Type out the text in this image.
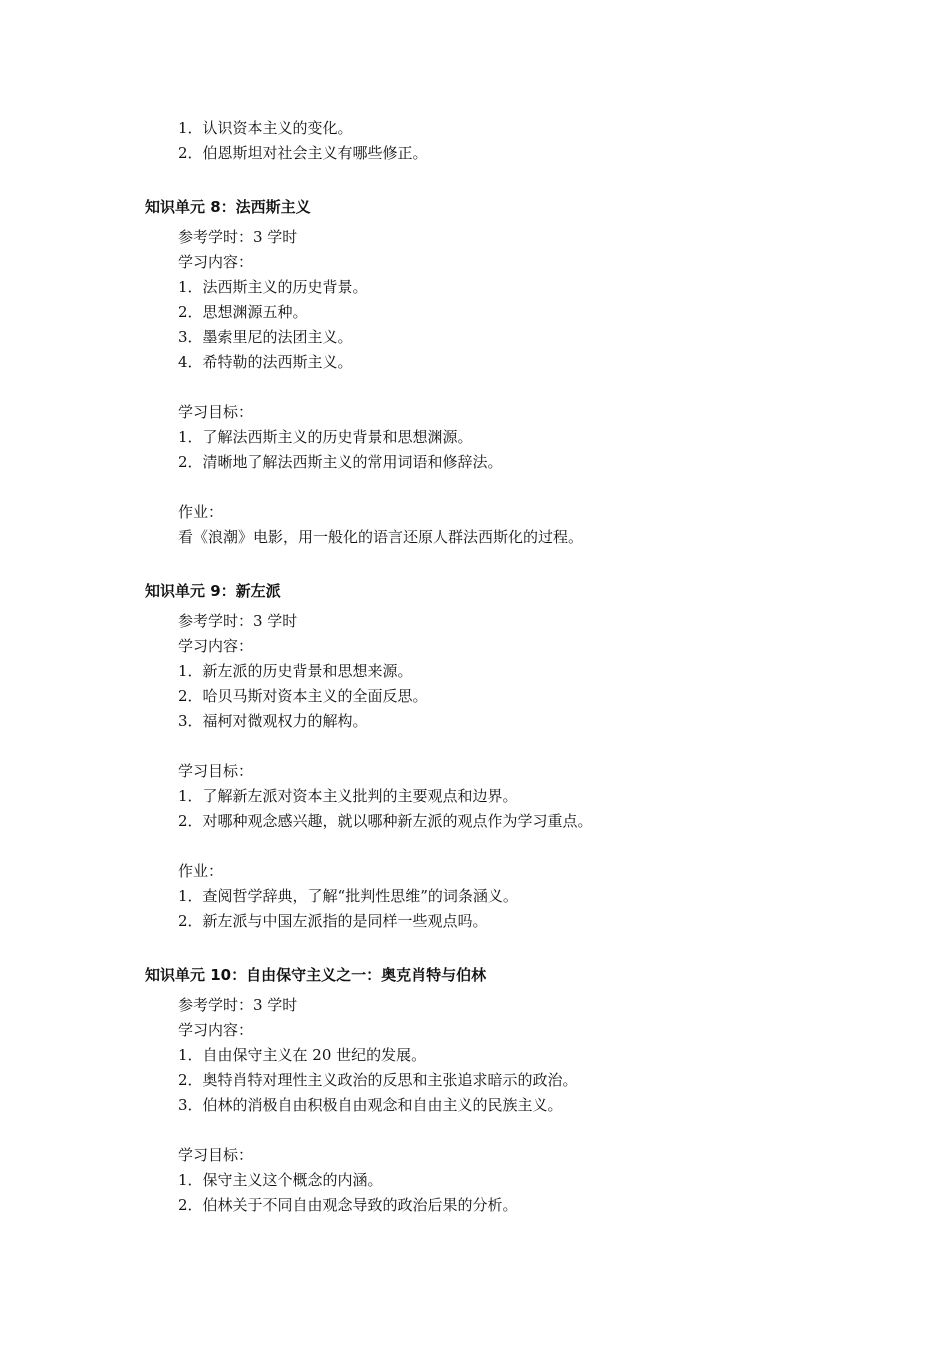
1．认识资本主义的变化。
2．伯恩斯坦对社会主义有哪些修正。
知识单元 8：法西斯主义
参考学时：3 学时
学习内容：
1．法西斯主义的历史背景。
2．思想渊源五种。
3．墨索里尼的法团主义。
4．希特勒的法西斯主义。
学习目标：
1．了解法西斯主义的历史背景和思想渊源。
2．清晰地了解法西斯主义的常用词语和修辞法。
作业：
看《浪潮》电影，用一般化的语言还原人群法西斯化的过程。
知识单元 9：新左派
参考学时：3 学时
学习内容：
1．新左派的历史背景和思想来源。
2．哈贝马斯对资本主义的全面反思。
3．福柯对微观权力的解构。
学习目标：
1．了解新左派对资本主义批判的主要观点和边界。
2．对哪种观念感兴趣，就以哪种新左派的观点作为学习重点。
作业：
1．查阅哲学辞典，了解“批判性思维”的词条涵义。
2．新左派与中国左派指的是同样一些观点吗。
知识单元 10：自由保守主义之一：奥克肖特与伯林
参考学时：3 学时
学习内容：
1．自由保守主义在 20 世纪的发展。
2．奥特肖特对理性主义政治的反思和主张追求暗示的政治。
3．伯林的消极自由积极自由观念和自由主义的民族主义。
学习目标：
1．保守主义这个概念的内涵。
2．伯林关于不同自由观念导致的政治后果的分析。
